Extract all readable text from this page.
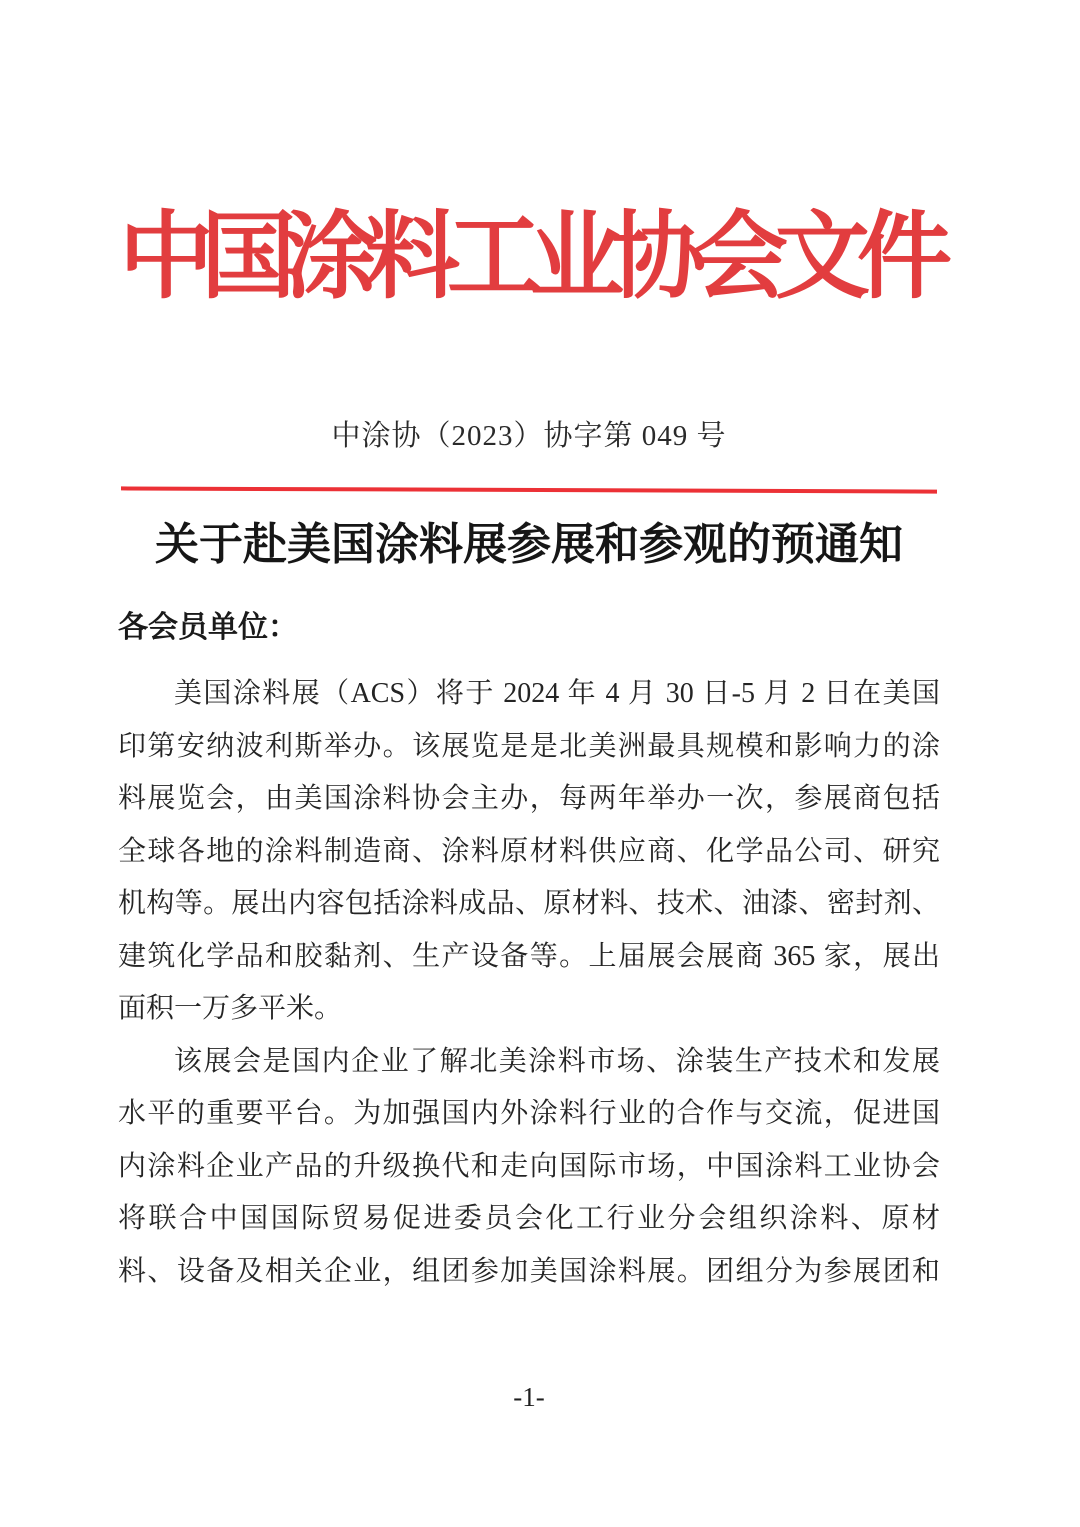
中国涂料工业协会文件
中涂协（2023）协字第 049 号
关于赴美国涂料展参展和参观的预通知
各会员单位：
美国涂料展（ACS）将于 2024 年 4 月 30 日-5 月 2 日在美国
印第安纳波利斯举办。该展览是是北美洲最具规模和影响力的涂
料展览会，由美国涂料协会主办，每两年举办一次，参展商包括
全球各地的涂料制造商、涂料原材料供应商、化学品公司、研究
机构等。展出内容包括涂料成品、原材料、技术、油漆、密封剂、
建筑化学品和胶黏剂、生产设备等。上届展会展商 365 家，展出
面积一万多平米。
该展会是国内企业了解北美涂料市场、涂装生产技术和发展
水平的重要平台。为加强国内外涂料行业的合作与交流，促进国
内涂料企业产品的升级换代和走向国际市场，中国涂料工业协会
将联合中国国际贸易促进委员会化工行业分会组织涂料、原材
料、设备及相关企业，组团参加美国涂料展。团组分为参展团和
-1-
